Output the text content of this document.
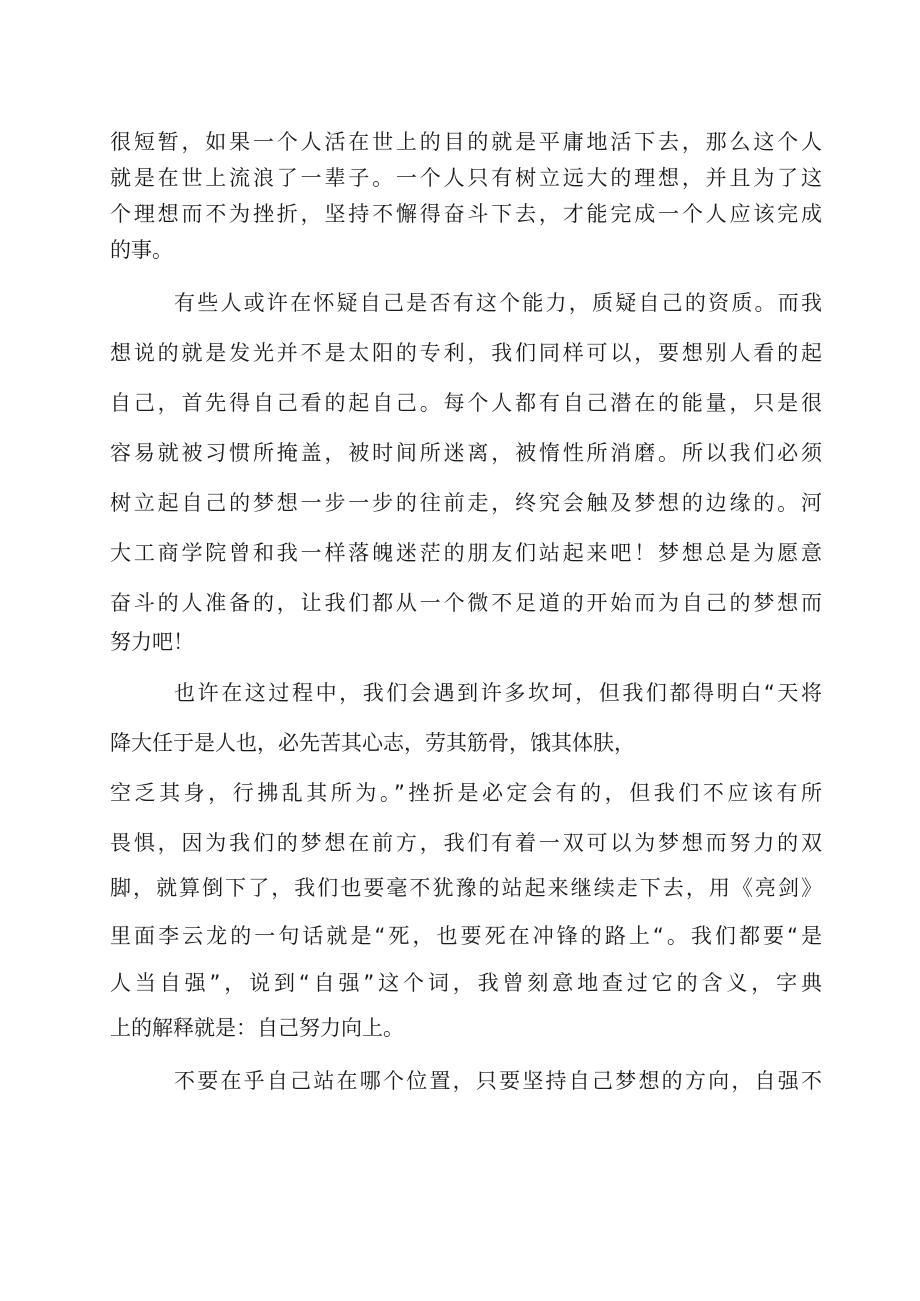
很短暂，如果一个人活在世上的目的就是平庸地活下去，那么这个人

就是在世上流浪了一辈子。一个人只有树立远大的理想，并且为了这

个理想而不为挫折，坚持不懈得奋斗下去，才能完成一个人应该完成

的事。

有些人或许在怀疑自己是否有这个能力，质疑自己的资质。而我

想说的就是发光并不是太阳的专利，我们同样可以，要想别人看的起

自己，首先得自己看的起自己。每个人都有自己潜在的能量，只是很

容易就被习惯所掩盖，被时间所迷离，被惰性所消磨。所以我们必须

树立起自己的梦想一步一步的往前走，终究会触及梦想的边缘的。河

大工商学院曾和我一样落魄迷茫的朋友们站起来吧！梦想总是为愿意

奋斗的人准备的，让我们都从一个微不足道的开始而为自己的梦想而

努力吧！

也许在这过程中，我们会遇到许多坎坷，但我们都得明白“天将

降大任于是人也，必先苦其心志，劳其筋骨，饿其体肤，

空乏其身，行拂乱其所为。”挫折是必定会有的，但我们不应该有所

畏惧，因为我们的梦想在前方，我们有着一双可以为梦想而努力的双

脚，就算倒下了，我们也要毫不犹豫的站起来继续走下去，用《亮剑》

里面李云龙的一句话就是“死，也要死在冲锋的路上“。我们都要“是

人当自强”，说到“自强”这个词，我曾刻意地查过它的含义，字典

上的解释就是：自己努力向上。

不要在乎自己站在哪个位置，只要坚持自己梦想的方向，自强不
